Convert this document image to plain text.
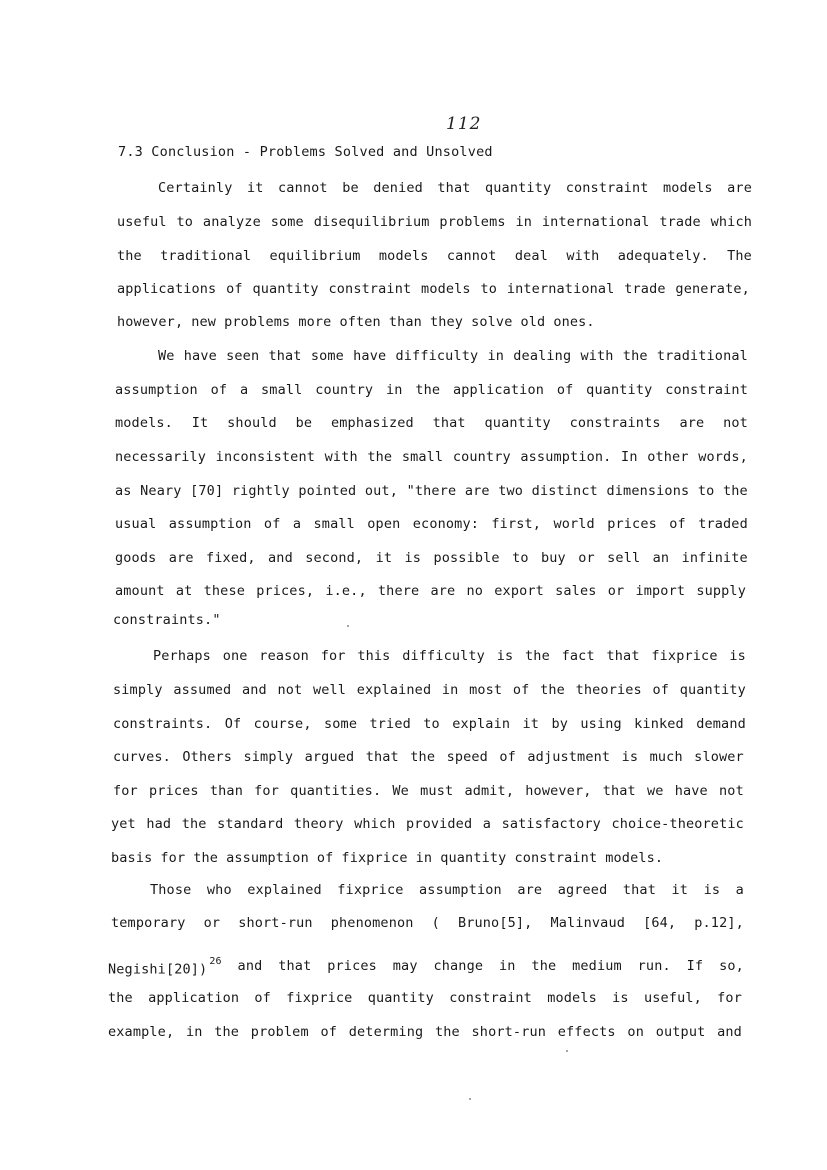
112
7.3 Conclusion - Problems Solved and Unsolved
Certainly it cannot be denied that quantity constraint models are
useful to analyze some disequilibrium problems in international trade which
the traditional equilibrium models cannot deal with adequately. The
applications of quantity constraint models to international trade generate,
however, new problems more often than they solve old ones.
We have seen that some have difficulty in dealing with the traditional
assumption of a small country in the application of quantity constraint
models. It should be emphasized that quantity constraints are not
necessarily inconsistent with the small country assumption. In other words,
as Neary [70] rightly pointed out, "there are two distinct dimensions to the
usual assumption of a small open economy: first, world prices of traded
goods are fixed, and second, it is possible to buy or sell an infinite
amount at these prices, i.e., there are no export sales or import supply
constraints."
Perhaps one reason for this difficulty is the fact that fixprice is
simply assumed and not well explained in most of the theories of quantity
constraints. Of course, some tried to explain it by using kinked demand
curves. Others simply argued that the speed of adjustment is much slower
for prices than for quantities. We must admit, however, that we have not
yet had the standard theory which provided a satisfactory choice-theoretic
basis for the assumption of fixprice in quantity constraint models.
Those who explained fixprice assumption are agreed that it is a
temporary or short-run phenomenon ( Bruno[5], Malinvaud [64, p.12],
Negishi[20]) $^{26}$ and that prices may change in the medium run. If so,
the application of fixprice quantity constraint models is useful, for
example, in the problem of determing the short-run effects on output and
